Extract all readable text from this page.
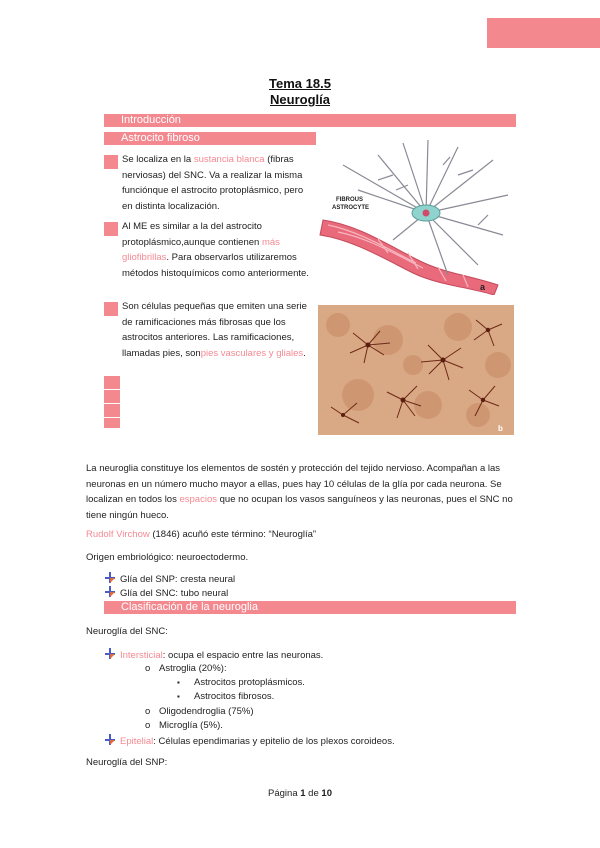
Tema 18.5
Neuroglía
Introducción
Astrocito fibroso
Se localiza en la sustancia blanca (fibras nerviosas) del SNC. Va a realizar la misma funciónque el astrocito protoplásmico, pero en distinta localización.
Al ME es similar a la del astrocito protoplásmico,aunque contienen más gliofibrillas. Para observarlos utilizaremos métodos histoquímicos como anteriormente.
Son células pequeñas que emiten una serie de ramificaciones más fibrosas que los astrocitos anteriores. Las ramificaciones, llamadas pies, sonpies vasculares y gliales.
FIBROUS
ASTROCYTE
a
b
La neuroglia constituye los elementos de sostén y protección del tejido nervioso. Acompañan a las neuronas en un número mucho mayor a ellas, pues hay 10 células de la glía por cada neurona. Se localizan en todos los espacios que no ocupan los vasos sanguíneos y las neuronas, pues el SNC no tiene ningún hueco.
Rudolf Virchow (1846) acuñó este término: “Neuroglía”
Origen embriológico: neuroectodermo.
Glía del SNP: cresta neural
Glía del SNC: tubo neural
Clasificación de la neuroglia
Neuroglía del SNC:
Intersticial: ocupa el espacio entre las neuronas.
o Astroglia (20%):
▪ Astrocitos protoplásmicos.
▪ Astrocitos fibrosos.
o Oligodendroglia (75%)
o Microglía (5%).
Epitelial: Células ependimarias y epitelio de los plexos coroideos.
Neuroglía del SNP:
Página 1 de 10
